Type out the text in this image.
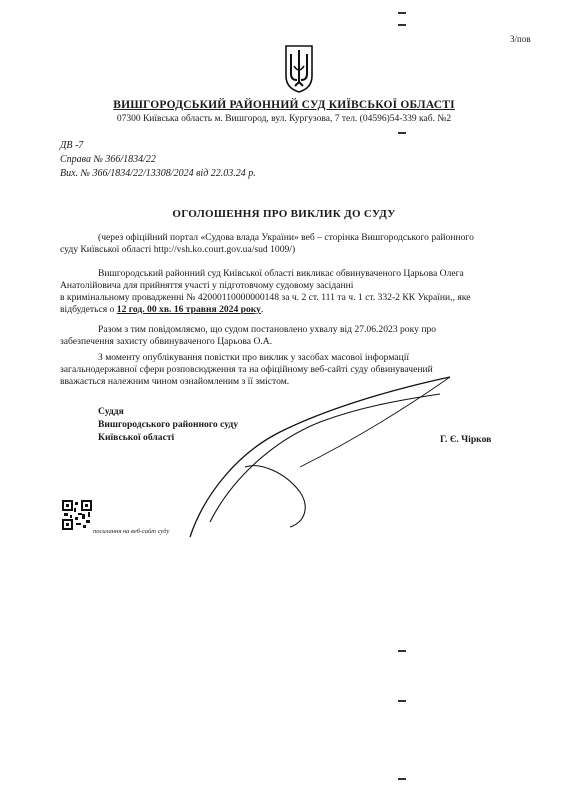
3/пов
ВИШГОРОДСЬКИЙ РАЙОННИЙ СУД КИЇВСЬКОЇ ОБЛАСТІ
07300 Київська область м. Вишгород, вул. Кургузова, 7 тел. (04596)54-339 каб. №2
ДВ -7
Справа № 366/1834/22
Вих. № 366/1834/22/13308/2024 від 22.03.24 р.
ОГОЛОШЕННЯ ПРО ВИКЛИК ДО СУДУ
(через офіційний портал «Судова влада України» веб – сторінка Вишгородського районного
суду Київської області http://vsh.ko.court.gov.ua/sud 1009/)
Вишгородський районний суд Київської області викликає обвинуваченого Царьова Олега
Анатолійовича для прийняття участі у підготовчому судовому засіданні
в кримінальному провадженні № 42000110000000148 за ч. 2 ст. 111 та ч. 1 ст. 332-2 КК України,, яке
відбудеться о 12 год. 00 хв. 16 травня 2024 року.
Разом з тим повідомляємо, що судом постановлено ухвалу від 27.06.2023 року про
забезпечення захисту обвинуваченого Царьова О.А.
З моменту опублікування повістки про виклик у засобах масової інформації
загальнодержавної сфери розповсюдження та на офіційному веб-сайті суду обвинувачений
вважається належним чином ознайомленим з її змістом.
Суддя
Вишгородського районного суду
Київської області	Г. Є. Чірков
посилання на веб-сайт суду
